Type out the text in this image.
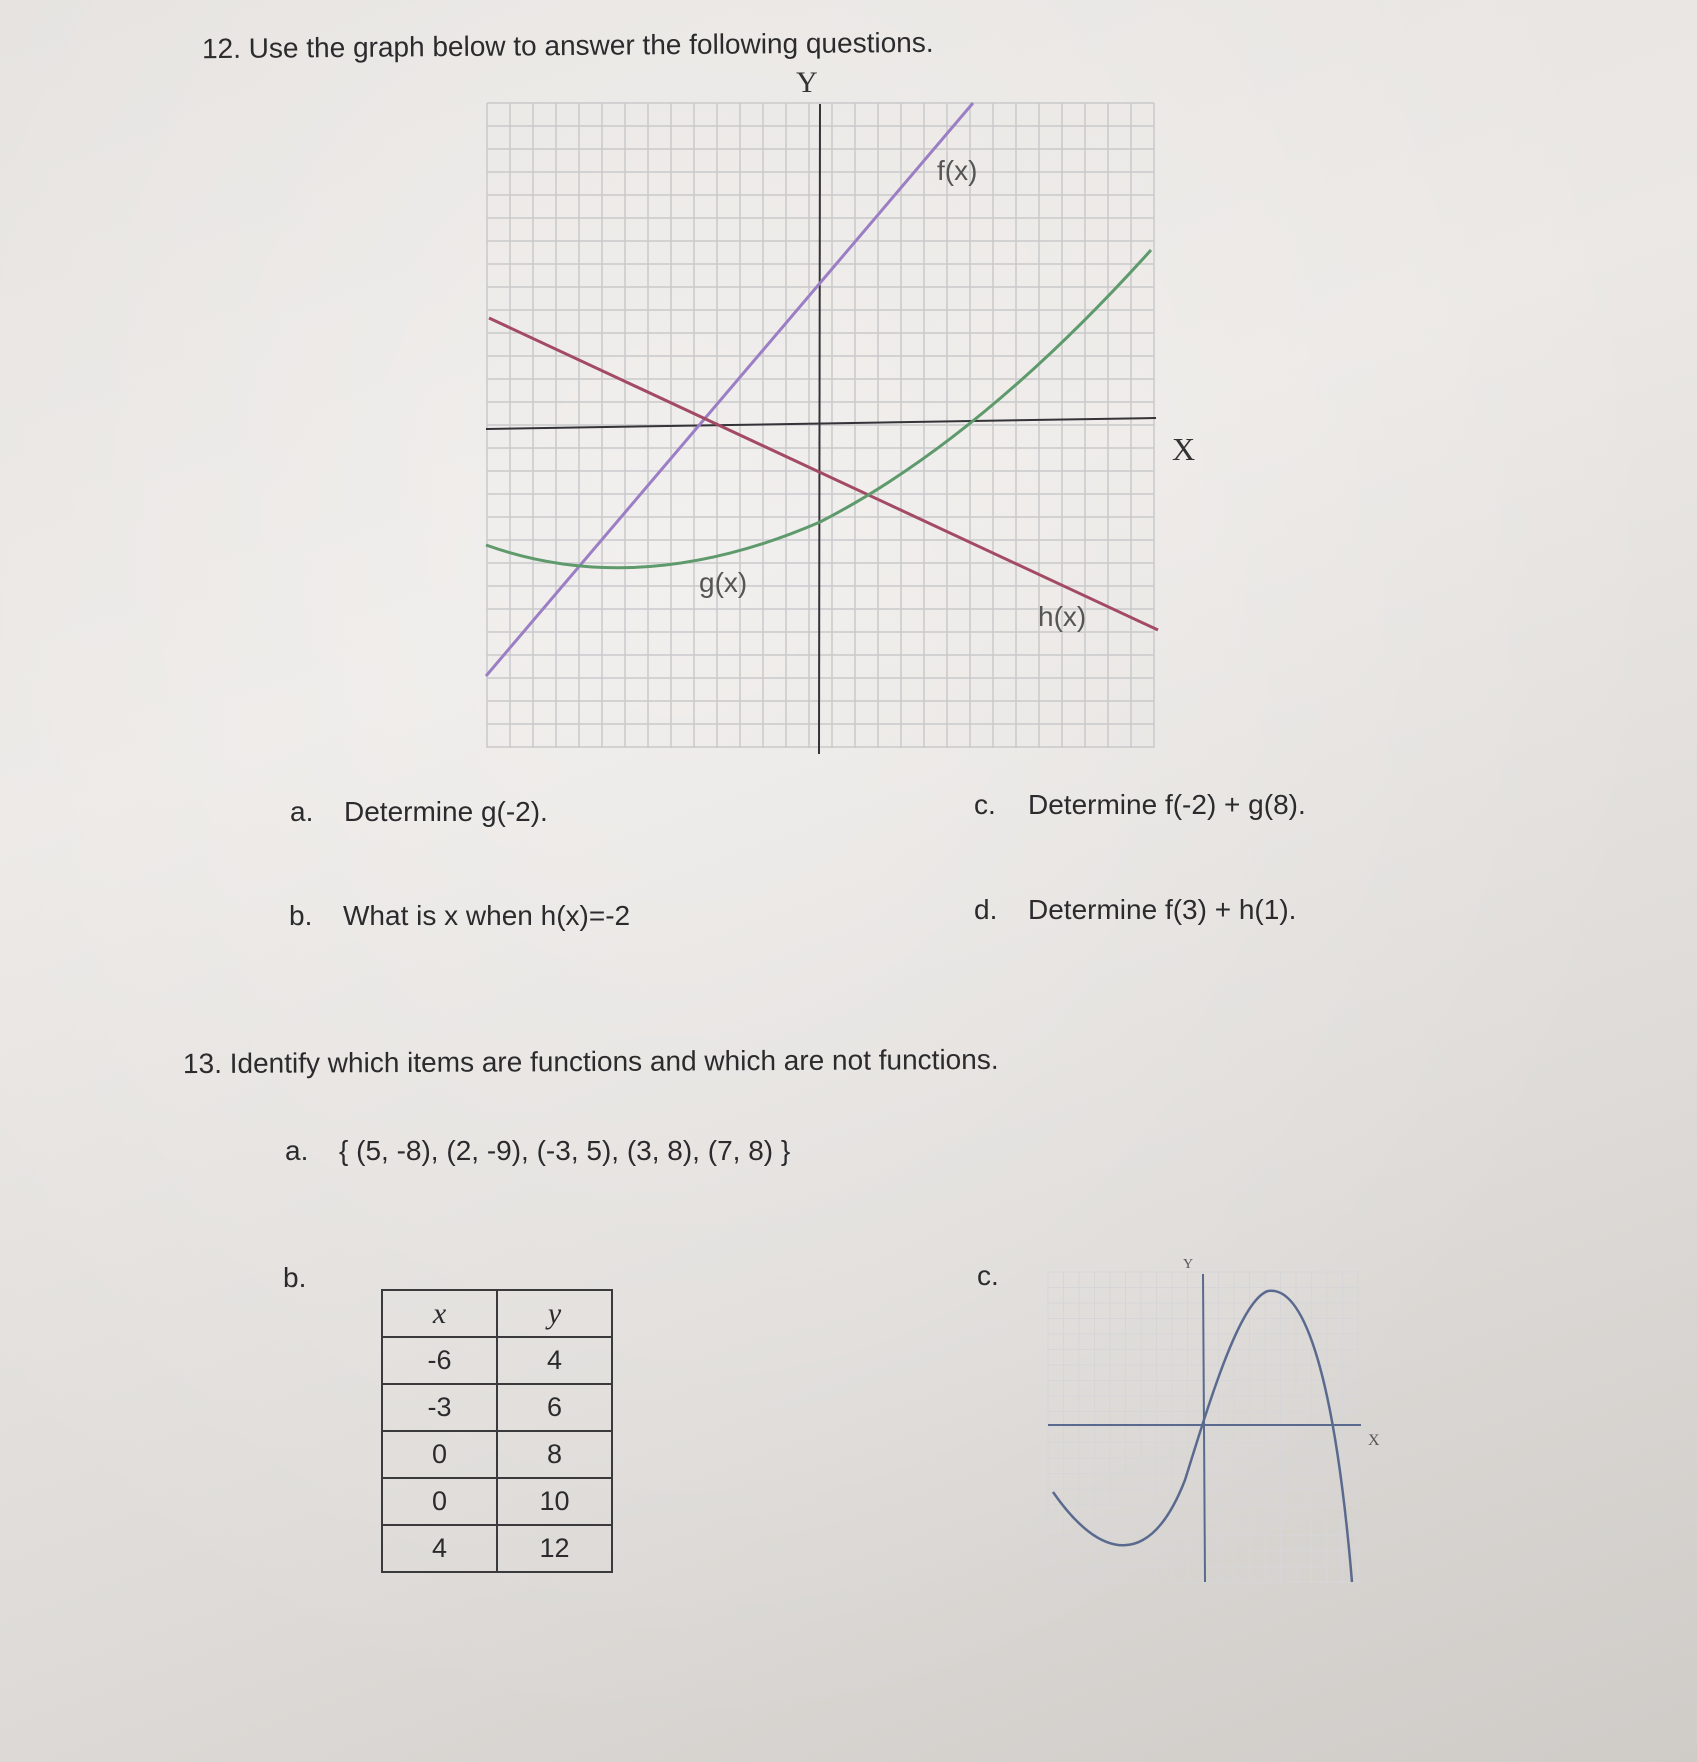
12. Use the graph below to answer the following questions.
Y
X
f(x)
g(x)
h(x)
a. Determine g(-2).
b. What is x when h(x)=-2
c. Determine f(-2) + g(8).
d. Determine f(3) + h(1).
13. Identify which items are functions and which are not functions.
a. { (5, -8), (2, -9), (-3, 5), (3, 8), (7, 8) }
b.
x	y
-6	4
-3	6
0	8
0	10
4	12
c.	Y
X
